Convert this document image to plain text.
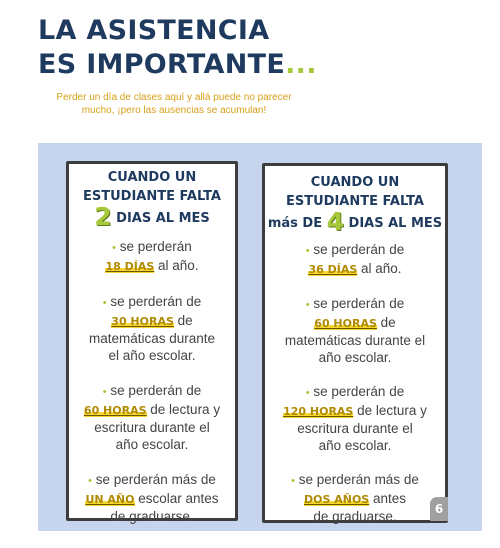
LA ASISTENCIA
ES IMPORTANTE...
Perder un día de clases aquí y allá puede no parecer
mucho, ¡pero las ausencias se acumulan!
CUANDO UN
ESTUDIANTE FALTA
2 DIAS AL MES
• se perderán
18 DÍAS al año.
• se perderán de
30 HORAS de
matemáticas durante
el año escolar.
• se perderán de
60 HORAS de lectura y
escritura durante el
año escolar.
• se perderán más de
UN AÑO escolar antes
de graduarse.
CUANDO UN
ESTUDIANTE FALTA
más DE 4 DIAS AL MES
• se perderán de
36 DÍAS al año.
• se perderán de
60 HORAS de
matemáticas durante el
año escolar.
• se perderán de
120 HORAS de lectura y
escritura durante el
año escolar.
• se perderán más de
DOS AÑOS antes
de graduarse.	6
